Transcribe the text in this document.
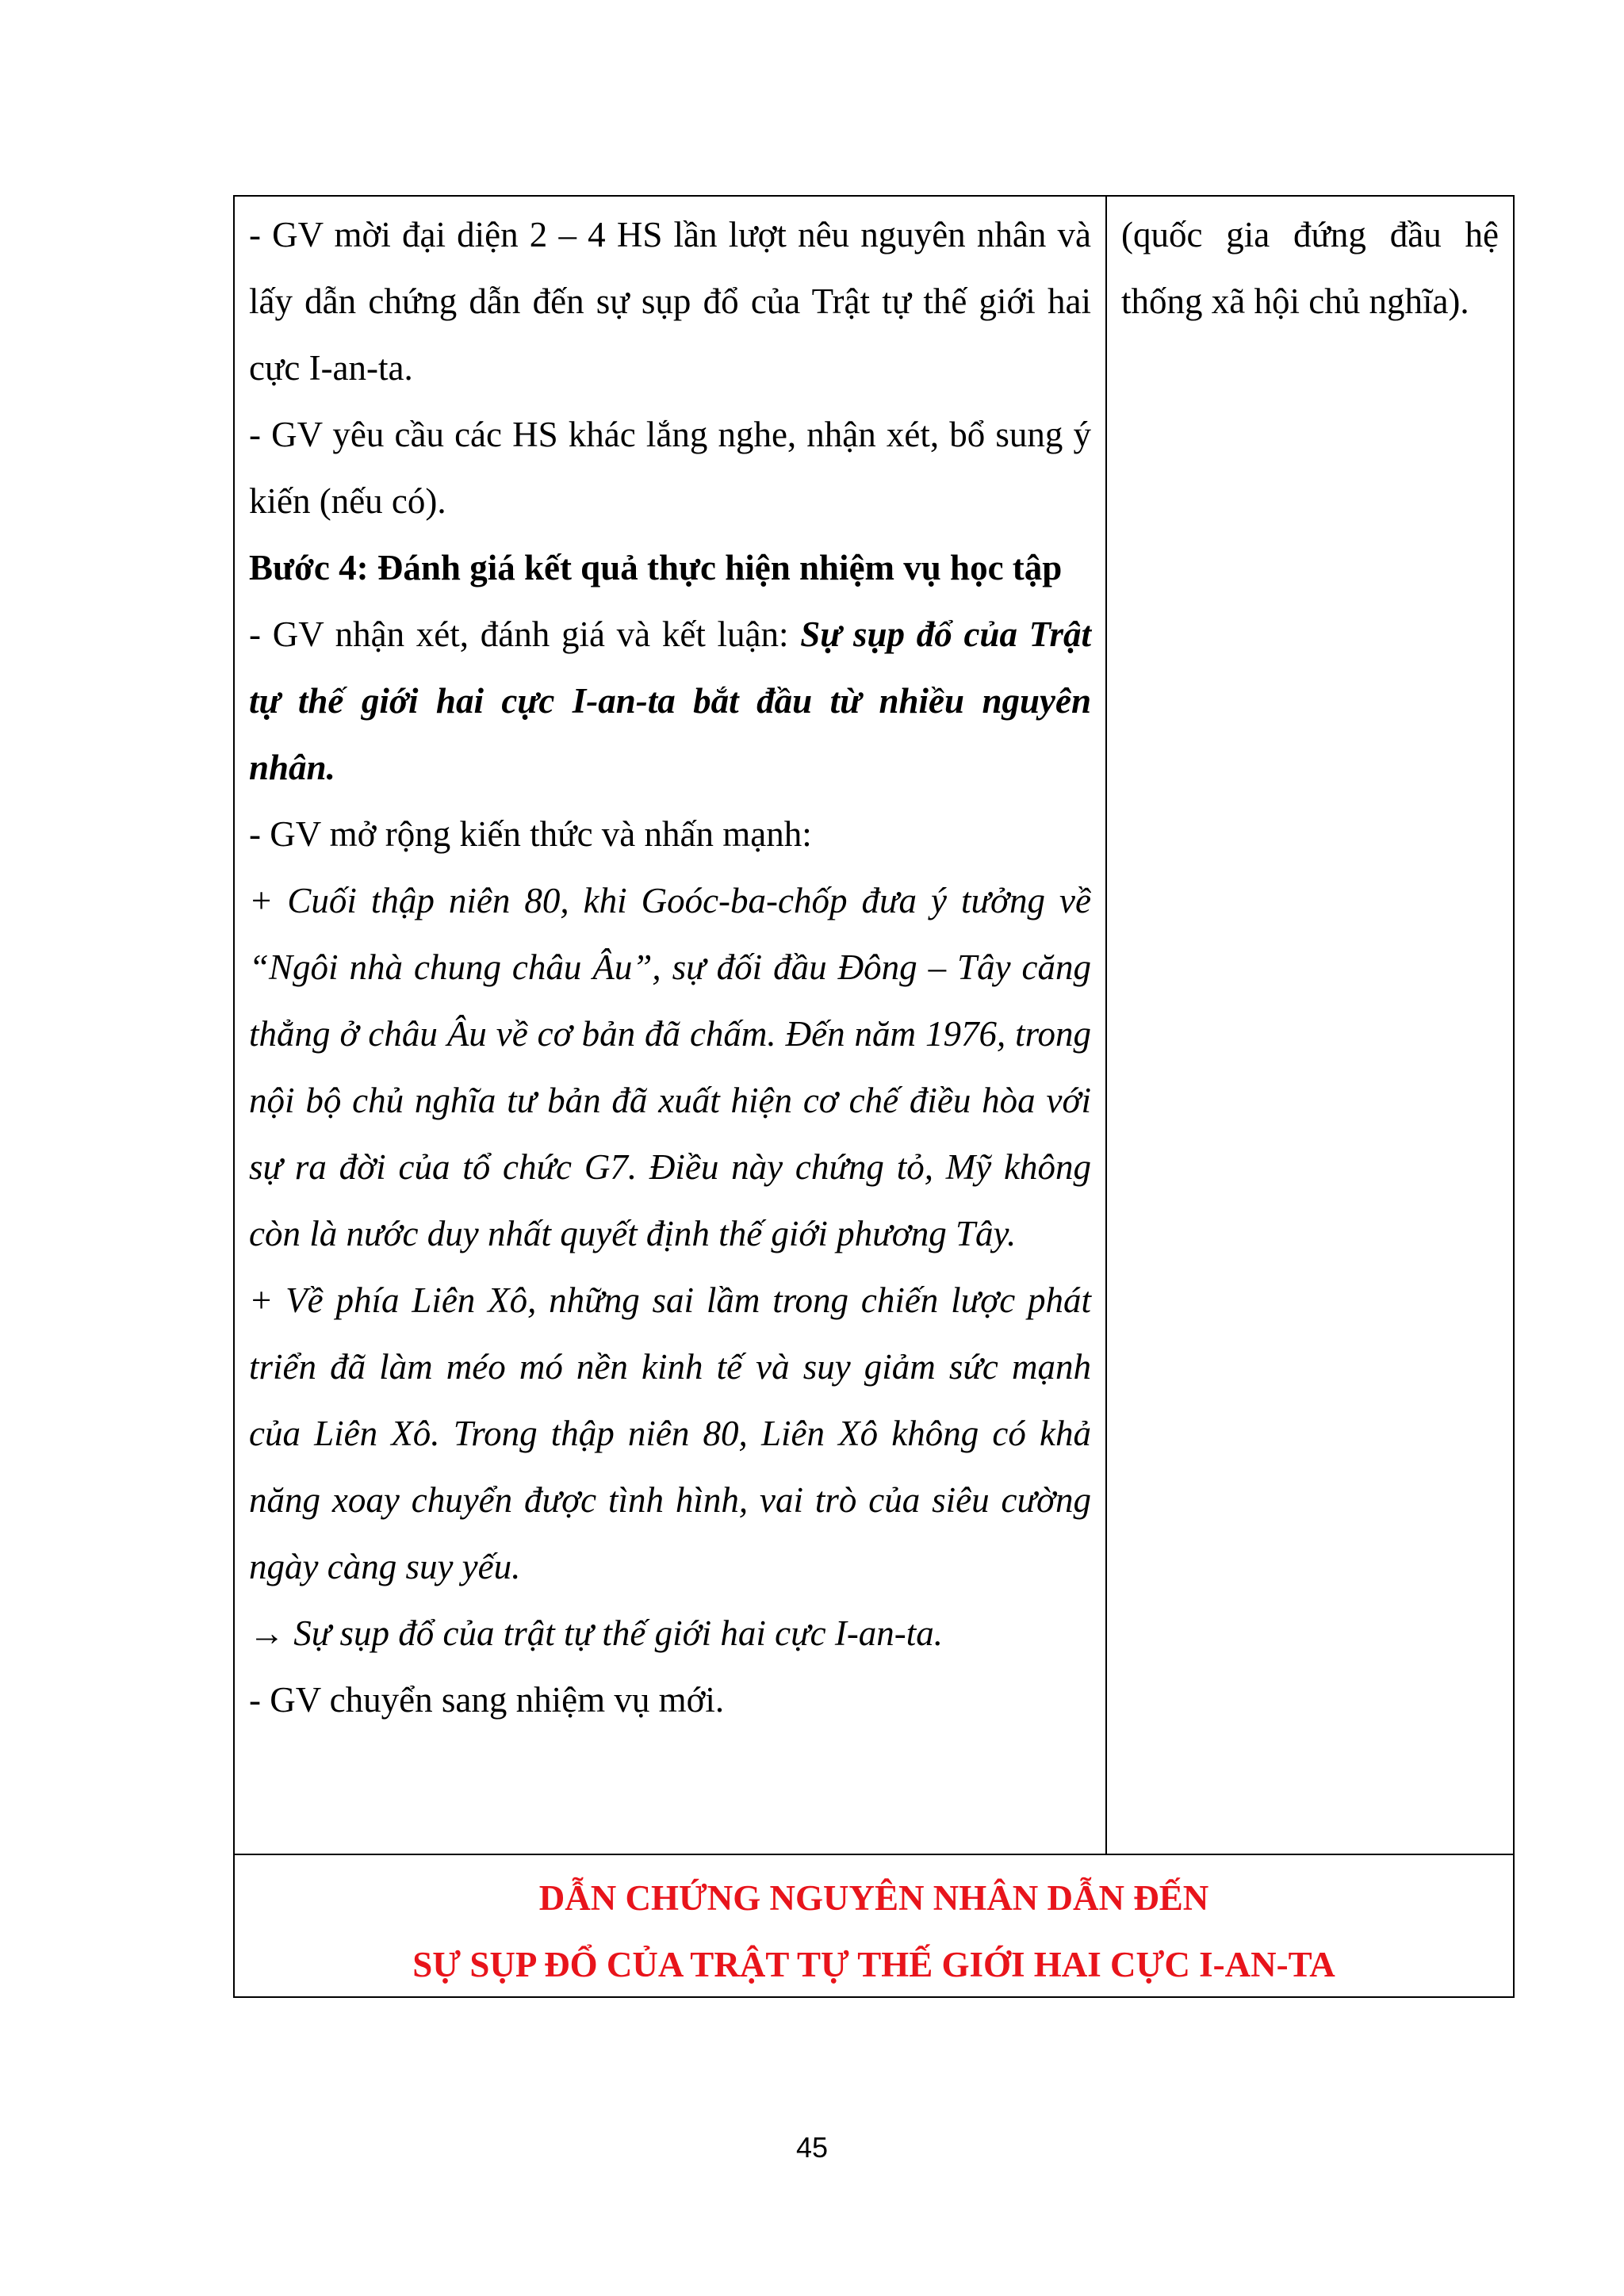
- GV mời đại diện 2 – 4 HS lần lượt nêu nguyên nhân và lấy dẫn chứng dẫn đến sự sụp đổ của Trật tự thế giới hai cực I-an-ta.

- GV yêu cầu các HS khác lắng nghe, nhận xét, bổ sung ý kiến (nếu có).

Bước 4: Đánh giá kết quả thực hiện nhiệm vụ học tập

- GV nhận xét, đánh giá và kết luận: Sự sụp đổ của Trật tự thế giới hai cực I-an-ta bắt đầu từ nhiều nguyên nhân.

- GV mở rộng kiến thức và nhấn mạnh:

+ Cuối thập niên 80, khi Goóc-ba-chốp đưa ý tưởng về “Ngôi nhà chung châu Âu”, sự đối đầu Đông – Tây căng thẳng ở châu Âu về cơ bản đã chấm. Đến năm 1976, trong nội bộ chủ nghĩa tư bản đã xuất hiện cơ chế điều hòa với sự ra đời của tổ chức G7. Điều này chứng tỏ, Mỹ không còn là nước duy nhất quyết định thế giới phương Tây.

+ Về phía Liên Xô, những sai lầm trong chiến lược phát triển đã làm méo mó nền kinh tế và suy giảm sức mạnh của Liên Xô. Trong thập niên 80, Liên Xô không có khả năng xoay chuyển được tình hình, vai trò của siêu cường ngày càng suy yếu.

→ Sự sụp đổ của trật tự thế giới hai cực I-an-ta.

- GV chuyển sang nhiệm vụ mới.

(quốc gia đứng đầu hệ thống xã hội chủ nghĩa).

DẪN CHỨNG NGUYÊN NHÂN DẪN ĐẾN

SỰ SỤP ĐỔ CỦA TRẬT TỰ THẾ GIỚI HAI CỰC I-AN-TA

45
